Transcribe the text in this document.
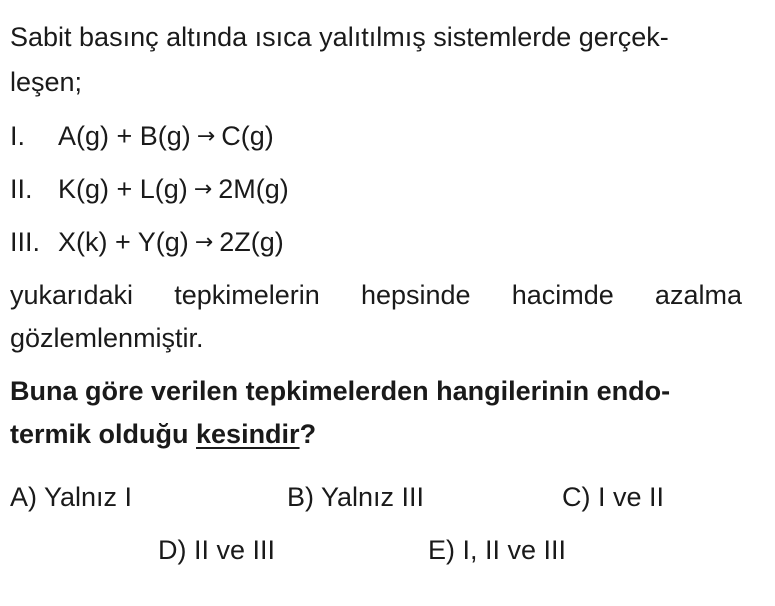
Sabit basınç altında ısıca yalıtılmış sistemlerde gerçek-
leşen;
I.	A(g) + B(g) → C(g)
II. K(g) + L(g) → 2M(g)
III. X(k) + Y(g) → 2Z(g)
yukarıdaki tepkimelerin hepsinde hacimde azalma
gözlemlenmiştir.
Buna göre verilen tepkimelerden hangilerinin endo-
termik olduğu kesindir?
A) Yalnız I	B) Yalnız III	C) I ve II
D) II ve III	E) I, II ve III
